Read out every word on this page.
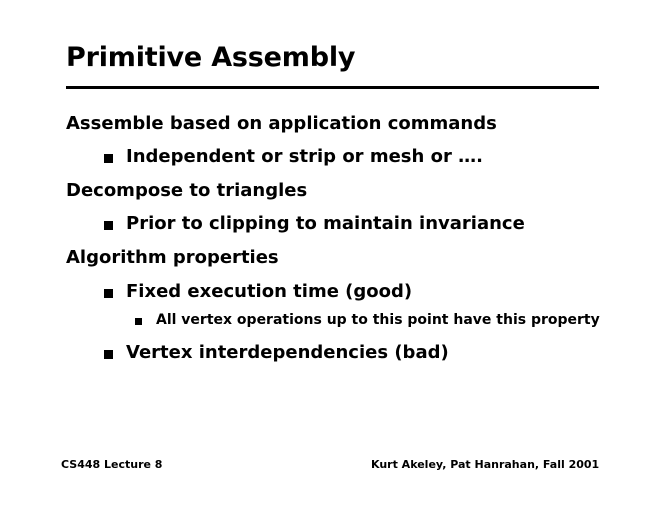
Primitive Assembly
Assemble based on application commands
Independent or strip or mesh or ….
Decompose to triangles
Prior to clipping to maintain invariance
Algorithm properties
Fixed execution time (good)
All vertex operations up to this point have this property
Vertex interdependencies (bad)
CS448 Lecture 8	Kurt Akeley, Pat Hanrahan, Fall 2001
